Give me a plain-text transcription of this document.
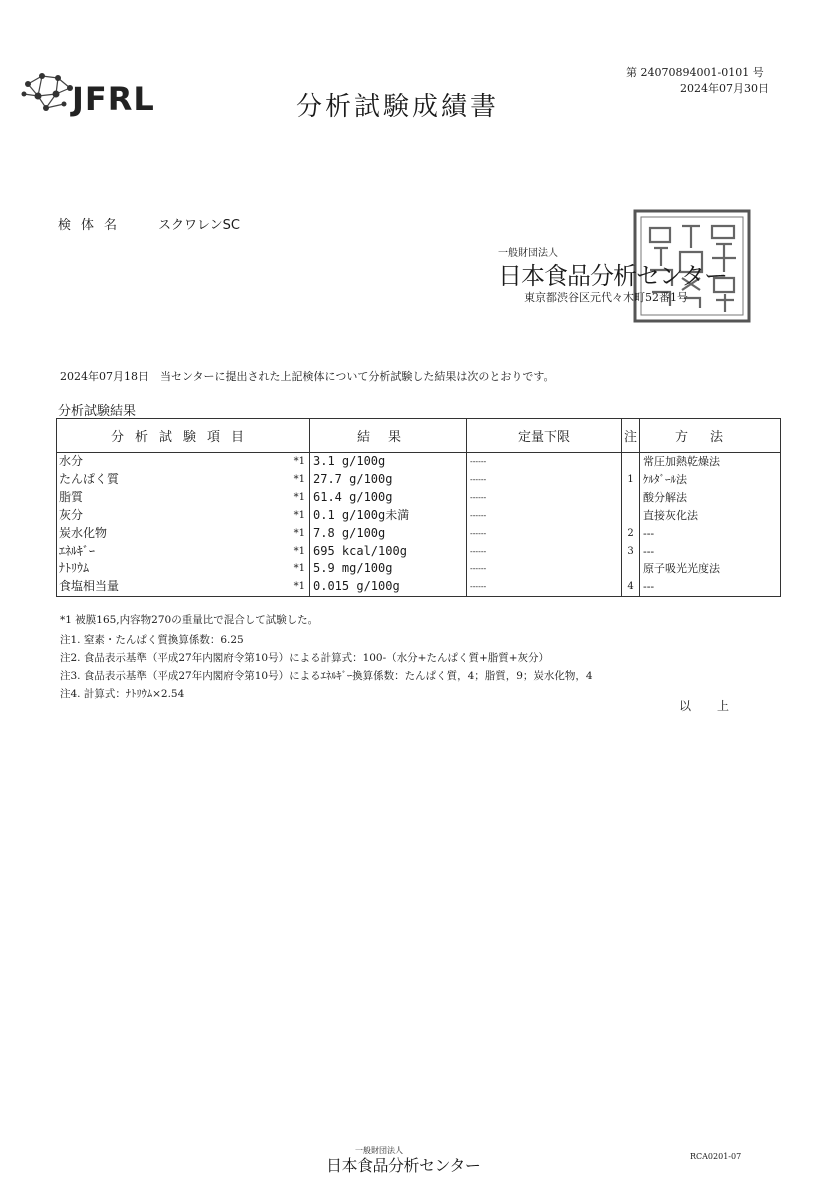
JFRL	分析試験成績書
第 24070894001-0101 号
2024年07月30日
検体名 スクワレンSC
一般財団法人
日本食品分析センター
東京都渋谷区元代々木町52番1号
2024年07月18日　当センターに提出された上記検体について分析試験した結果は次のとおりです。
分析試験結果
分析試験項目	結果	定量下限	注	方法
水分 *1	3.1 g/100g	------		常圧加熱乾燥法
たんぱく質 *1	27.7 g/100g	------	1	ｹﾙﾀﾞｰﾙ法
脂質 *1	61.4 g/100g	------		酸分解法
灰分 *1	0.1 g/100g未満	------		直接灰化法
炭水化物 *1	7.8 g/100g	------	2	---
ｴﾈﾙｷﾞｰ *1	695 kcal/100g	------	3	---
ﾅﾄﾘｳﾑ *1	5.9 mg/100g	------		原子吸光光度法
食塩相当量 *1	0.015 g/100g	------	4	---
*1 被膜165,内容物270の重量比で混合して試験した。
注1. 窒素・たんぱく質換算係数：6.25
注2. 食品表示基準（平成27年内閣府令第10号）による計算式：100-（水分+たんぱく質+脂質+灰分）
注3. 食品表示基準（平成27年内閣府令第10号）によるｴﾈﾙｷﾞｰ換算係数：たんぱく質，4；脂質，9；炭水化物，4
注4. 計算式：ﾅﾄﾘｳﾑ×2.54
以上
一般財団法人
日本食品分析センター	RCA0201-07
